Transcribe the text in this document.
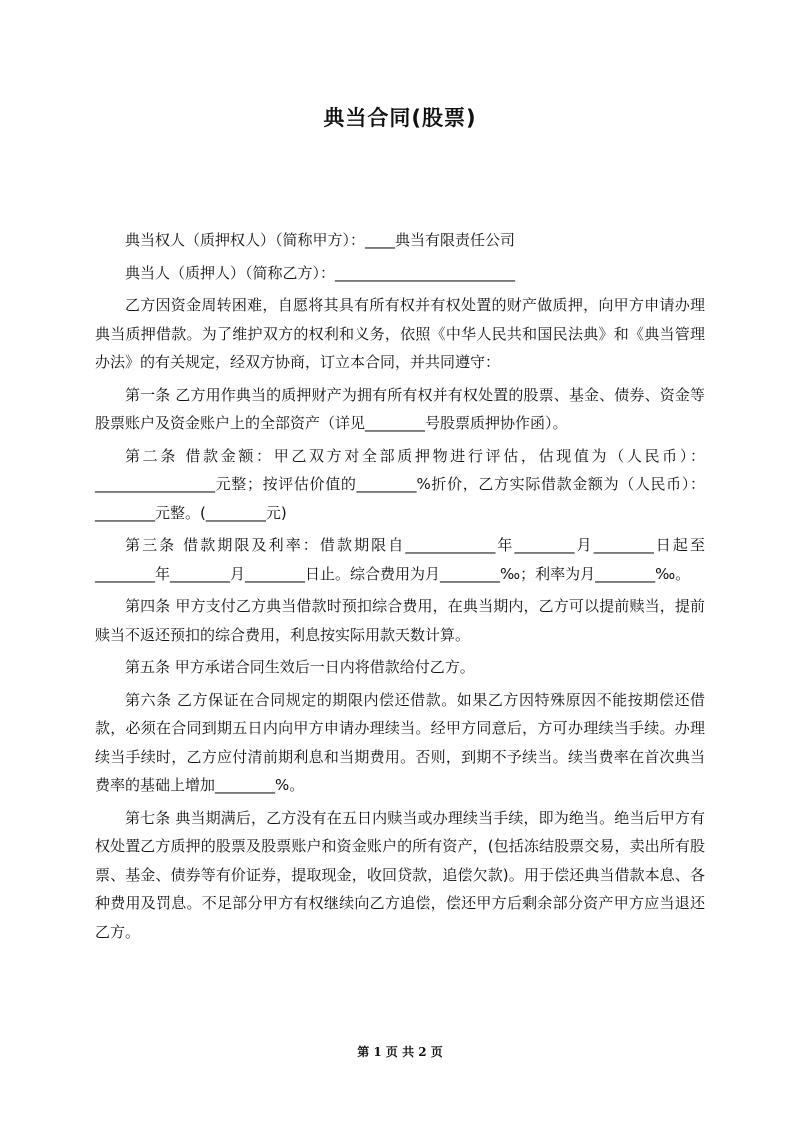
典当合同(股票)

典当权人（质押权人）（简称甲方）：____典当有限责任公司

典当人（质押人）（简称乙方）：________________________

乙方因资金周转困难，自愿将其具有所有权并有权处置的财产做质押，向甲方申请办理典当质押借款。为了维护双方的权利和义务，依照《中华人民共和国民法典》和《典当管理办法》的有关规定，经双方协商，订立本合同，并共同遵守：

第一条 乙方用作典当的质押财产为拥有所有权并有权处置的股票、基金、债券、资金等股票账户及资金账户上的全部资产（详见________号股票质押协作函）。

第二条 借款金额：甲乙双方对全部质押物进行评估，估现值为（人民币）：________________元整；按评估价值的________%折价，乙方实际借款金额为（人民币）：________元整。(________元)

第三条 借款期限及利率：借款期限自____________年________月________日起至________年________月________日止。综合费用为月________‰；利率为月________‰。

第四条 甲方支付乙方典当借款时预扣综合费用，在典当期内，乙方可以提前赎当，提前赎当不返还预扣的综合费用，利息按实际用款天数计算。

第五条 甲方承诺合同生效后一日内将借款给付乙方。

第六条 乙方保证在合同规定的期限内偿还借款。如果乙方因特殊原因不能按期偿还借款，必须在合同到期五日内向甲方申请办理续当。经甲方同意后，方可办理续当手续。办理续当手续时，乙方应付清前期利息和当期费用。否则，到期不予续当。续当费率在首次典当费率的基础上增加________%。

第七条 典当期满后，乙方没有在五日内赎当或办理续当手续，即为绝当。绝当后甲方有权处置乙方质押的股票及股票账户和资金账户的所有资产，(包括冻结股票交易，卖出所有股票、基金、债券等有价证券，提取现金，收回贷款，追偿欠款)。用于偿还典当借款本息、各种费用及罚息。不足部分甲方有权继续向乙方追偿，偿还甲方后剩余部分资产甲方应当退还乙方。

第 1 页 共 2 页
